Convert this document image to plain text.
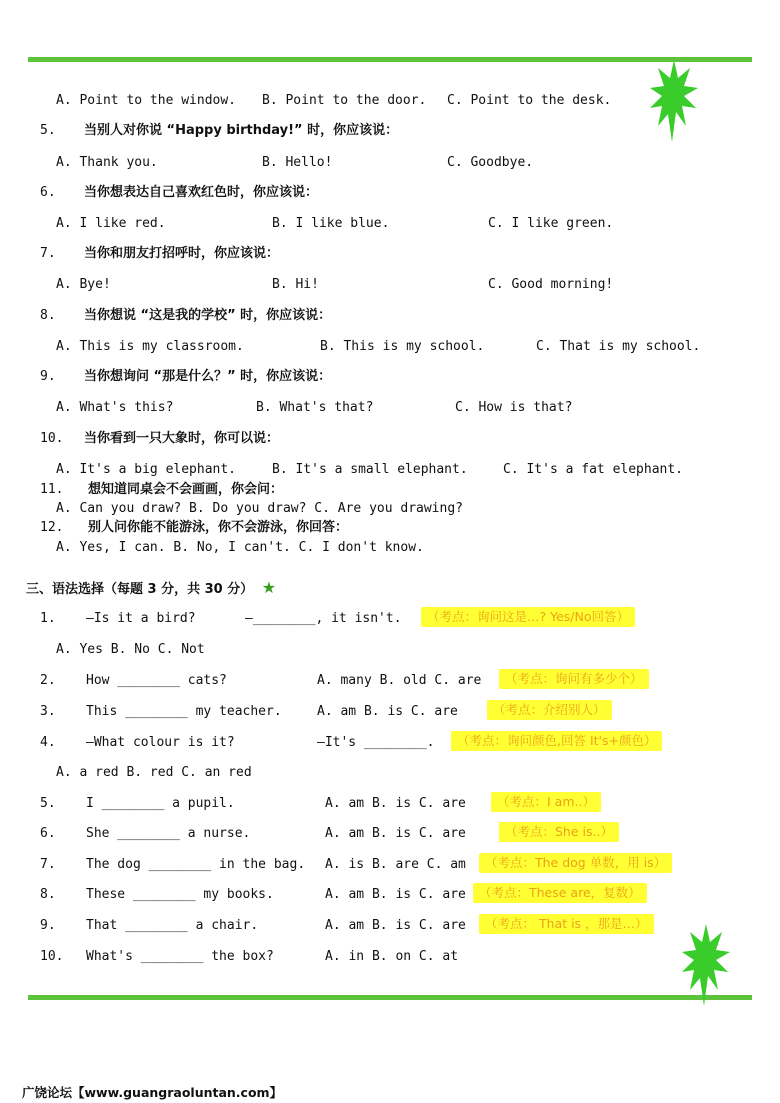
A. Point to the window. B. Point to the door. C. Point to the desk.
5. 当别人对你说 “Happy birthday!” 时，你应该说：
A. Thank you.	B. Hello!	C. Goodbye.
6. 当你想表达自己喜欢红色时，你应该说：
A. I like red.	B. I like blue.	C. I like green.
7. 当你和朋友打招呼时，你应该说：
A. Bye!	B. Hi!	C. Good morning!
8. 当你想说 “这是我的学校” 时，你应该说：
A. This is my classroom.	B. This is my school.	C. That is my school.
9. 当你想询问 “那是什么？” 时，你应该说：
A. What's this?	B. What's that?	C. How is that?
10. 当你看到一只大象时，你可以说：
A. It's a big elephant.	B. It's a small elephant.	C. It's a fat elephant.
11. 想知道同桌会不会画画，你会问：
A. Can you draw? B. Do you draw? C. Are you drawing?
12. 别人问你能不能游泳，你不会游泳，你回答：
A. Yes, I can. B. No, I can't. C. I don't know.
三、语法选择（每题 3 分，共 30 分） ★
1. —Is it a bird?	—________, it isn't.	（考点：询问这是…? Yes/No回答）
A. Yes B. No C. Not
2. How ________ cats?	A. many B. old C. are	（考点：询问有多少个）
3. This ________ my teacher.	A. am B. is C. are	（考点：介绍别人）
4. —What colour is it?	—It's ________.	（考点：询问颜色,回答 It's+颜色）
A. a red B. red C. an red
5. I ________ a pupil.	A. am B. is C. are	（考点：I am..）
6. She ________ a nurse.	A. am B. is C. are	（考点：She is..）
7. The dog ________ in the bag. A. is B. are C. am	（考点：The dog 单数，用 is）
8. These ________ my books.	A. am B. is C. are	（考点：These are，复数）
9. That ________ a chair.	A. am B. is C. are	（考点： That is ，那是…）
10. What's ________ the box?	A. in B. on C. at
广饶论坛【www.guangraoluntan.com】
